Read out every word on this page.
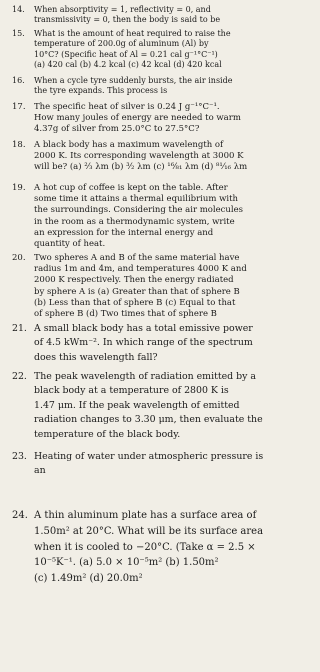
14.	When absorptivity = 1, reflectivity = 0, and
transmissivity = 0, then the body is said to be
15.	What is the amount of heat required to raise the
temperature of 200.0g of aluminum (Al) by
10°C? (Specific heat of Al = 0.21 cal g⁻¹°C⁻¹)
(a) 420 cal (b) 4.2 kcal (c) 42 kcal (d) 420 kcal
16.	When a cycle tyre suddenly bursts, the air inside
the tyre expands. This process is
17. The specific heat of silver is 0.24 J g⁻¹°C⁻¹.
How many joules of energy are needed to warm
4.37g of silver from 25.0°C to 27.5°C?
18. A black body has a maximum wavelength of
2000 K. Its corresponding wavelength at 3000 K
will be? (a) ²⁄₃ λm (b) ³⁄₂ λm (c) ¹⁶⁄₈₁ λm (d) ⁸¹⁄₁₆ λm
19. A hot cup of coffee is kept on the table. After
some time it attains a thermal equilibrium with
the surroundings. Considering the air molecules
in the room as a thermodynamic system, write
an expression for the internal energy and
quantity of heat.
20. Two spheres A and B of the same material have
radius 1m and 4m, and temperatures 4000 K and
2000 K respectively. Then the energy radiated
by sphere A is (a) Greater than that of sphere B
(b) Less than that of sphere B (c) Equal to that
of sphere B (d) Two times that of sphere B
21. A small black body has a total emissive power
of 4.5 kWm⁻². In which range of the spectrum
does this wavelength fall?
22. The peak wavelength of radiation emitted by a
black body at a temperature of 2800 K is
1.47 μm. If the peak wavelength of emitted
radiation changes to 3.30 μm, then evaluate the
temperature of the black body.
23. Heating of water under atmospheric pressure is
an
24. A thin aluminum plate has a surface area of
1.50m² at 20°C. What will be its surface area
when it is cooled to −20°C. (Take α = 2.5 ×
10⁻⁵K⁻¹. (a) 5.0 × 10⁻⁵m² (b) 1.50m²
(c) 1.49m² (d) 20.0m²
